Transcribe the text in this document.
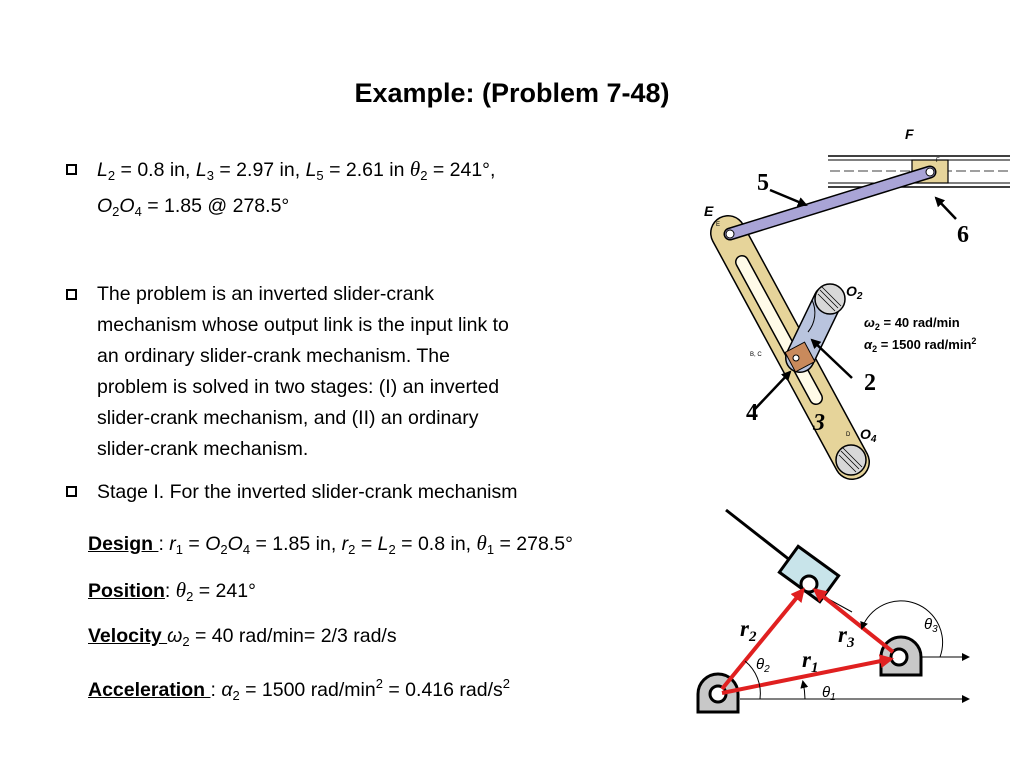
Example: (Problem 7-48)
$L_2 = 0.8$ in, $L_3 = 2.97$ in, $L_5 = 2.61$ in $\theta_2 = 241^\circ$,
$O_2O_4 = 1.85$ @ 278.5°
The problem is an inverted slider-crank
mechanism whose output link is the input link to
an ordinary slider-crank mechanism. The
problem is solved in two stages: (I) an inverted
slider-crank mechanism, and (II) an ordinary
slider-crank mechanism.
Stage I. For the inverted slider-crank mechanism
Design : $r_1 = O_2O_4 = 1.85$ in, $r_2 = L_2 = 0.8$ in, $\theta_1 = 278.5^\circ$
Position: $\theta_2 = 241^\circ$
Velocity $\omega_2 = 40$ rad/min= 2/3 rad/s
Acceleration : $\alpha_2 = 1500$ rad/$\min^2 = 0.416$ rad/$s^2$
F
E
5
6
2
4 3
$O_2$
$O_4$
$\omega_2 = 40$ rad/min
$\alpha_2 = 1500$ rad/$\min^2$
B, C
D
E
F
$r_2$	$r_3$
$r_1$
$\theta_3$
$\theta_2$
$\theta_1$
